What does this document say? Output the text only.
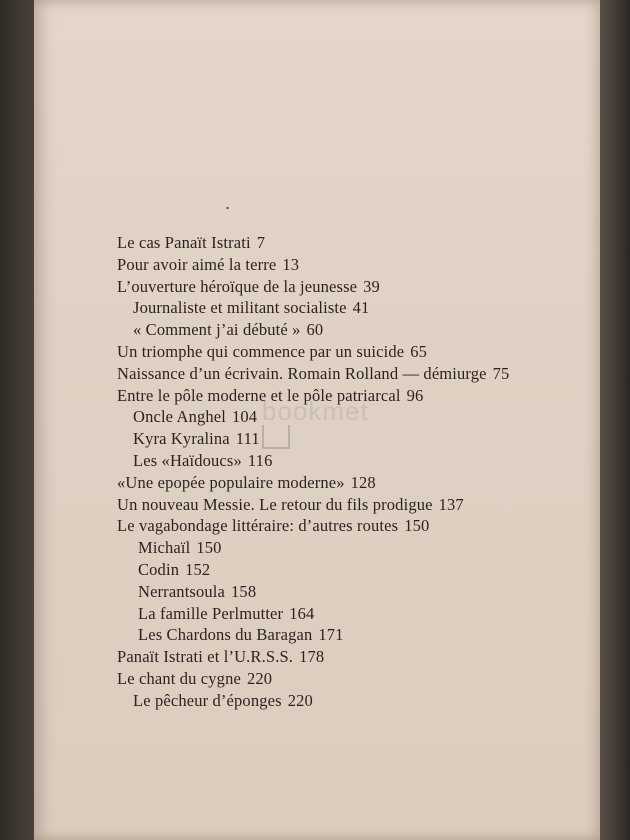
Le cas Panaït Istrati 7
Pour avoir aimé la terre 13
L’ouverture héroïque de la jeunesse 39
Journaliste et militant socialiste 41
« Comment j’ai débuté » 60
Un triomphe qui commence par un suicide 65
Naissance d’un écrivain. Romain Rolland — démiurge 75
Entre le pôle moderne et le pôle patriarcal 96
Oncle Anghel 104
Kyra Kyralina 111
Les «Haïdoucs» 116
«Une epopée populaire moderne» 128
Un nouveau Messie. Le retour du fils prodigue 137
Le vagabondage littéraire: d’autres routes 150
Michaïl 150
Codin 152
Nerrantsoula 158
La famille Perlmutter 164
Les Chardons du Baragan 171
Panaït Istrati et l’U.R.S.S. 178
Le chant du cygne 220
Le pêcheur d’éponges 220
bookmet
